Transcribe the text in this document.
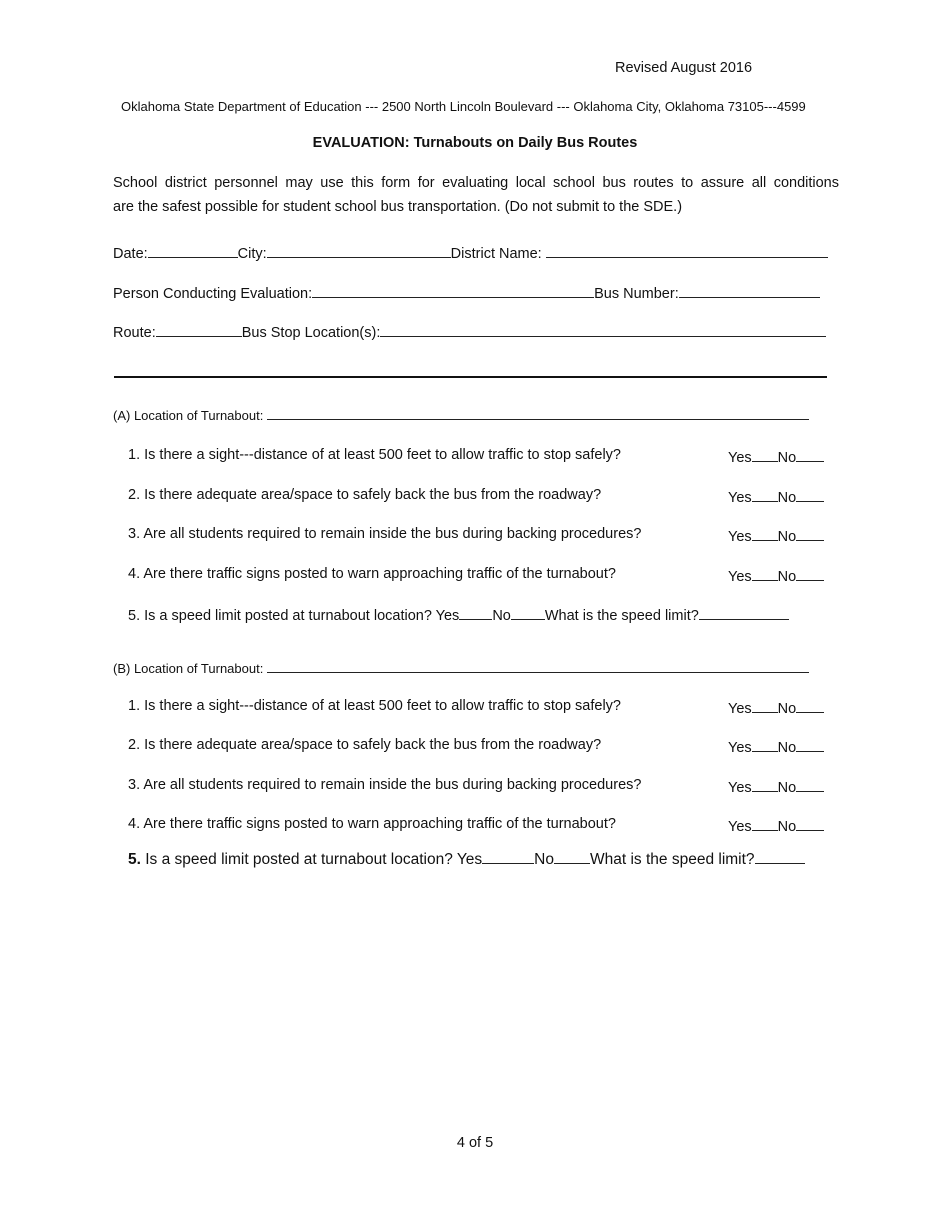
Revised August 2016
Oklahoma State Department of Education --- 2500 North Lincoln Boulevard --- Oklahoma City, Oklahoma 73105---4599
EVALUATION: Turnabouts on Daily Bus Routes
School district personnel may use this form for evaluating local school bus routes to assure all conditions
are the safest possible for student school bus transportation. (Do not submit to the SDE.)
Date:	City:	District Name:
Person Conducting Evaluation:	Bus Number:
Route:	Bus Stop Location(s):
(A) Location of Turnabout:
1. Is there a sight---distance of at least 500 feet to allow traffic to stop safely?	Yes No
2. Is there adequate area/space to safely back the bus from the roadway?	Yes No
3. Are all students required to remain inside the bus during backing procedures?	Yes No
4. Are there traffic signs posted to warn approaching traffic of the turnabout?	Yes No
5. Is a speed limit posted at turnabout location? Yes No What is the speed limit?
(B) Location of Turnabout:
1. Is there a sight---distance of at least 500 feet to allow traffic to stop safely?	Yes No
2. Is there adequate area/space to safely back the bus from the roadway?	Yes No
3. Are all students required to remain inside the bus during backing procedures?	Yes No
4. Are there traffic signs posted to warn approaching traffic of the turnabout?	Yes No
5. Is a speed limit posted at turnabout location? Yes	No What is the speed limit?
4 of 5
